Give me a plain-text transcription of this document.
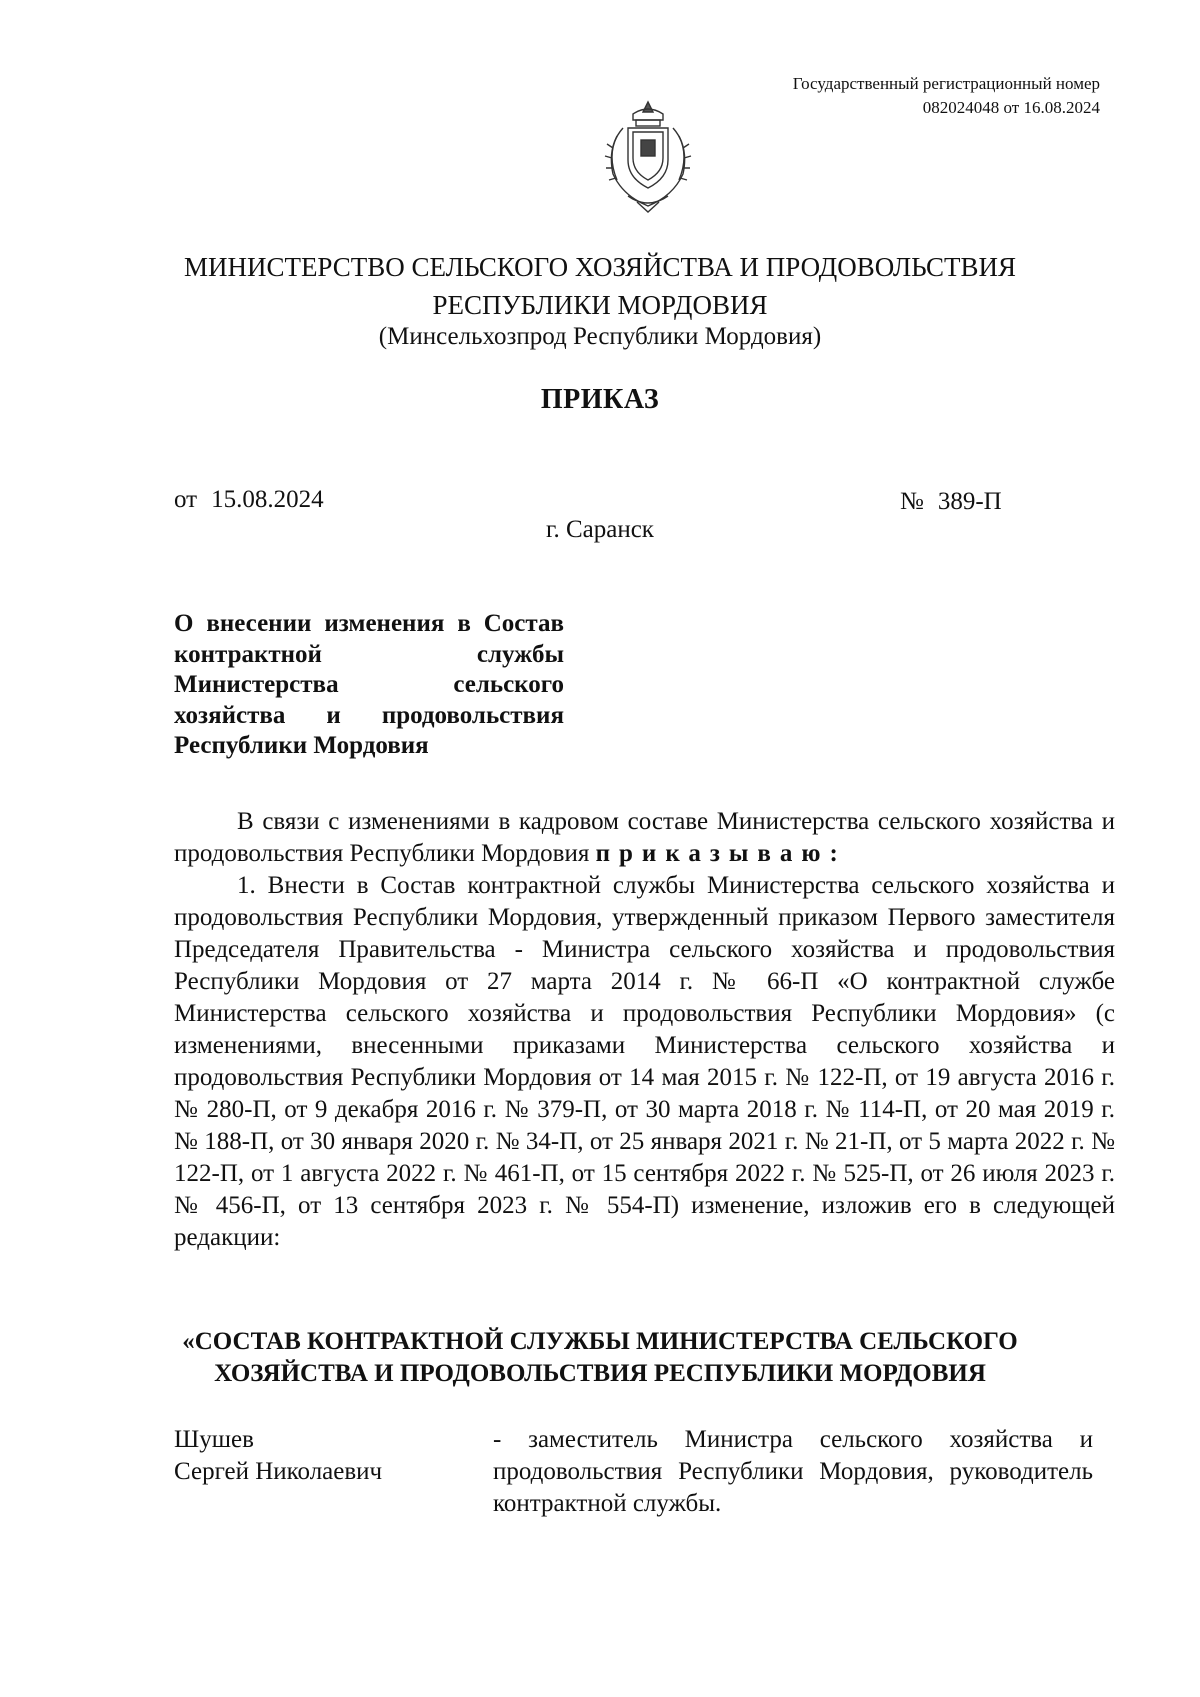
Государственный регистрационный номер
082024048 от 16.08.2024
МИНИСТЕРСТВО СЕЛЬСКОГО ХОЗЯЙСТВА И ПРОДОВОЛЬСТВИЯ
РЕСПУБЛИКИ МОРДОВИЯ
(Минсельхозпрод Республики Мордовия)
ПРИКАЗ
от 15.08.2024	№ 389-П
г. Саранск
О внесении изменения в Состав контрактной службы Министерства сельского хозяйства и продовольствия Республики Мордовия

В связи с изменениями в кадровом составе Министерства сельского хозяйства и продовольствия Республики Мордовия приказываю:

1. Внести в Состав контрактной службы Министерства сельского хозяйства и продовольствия Республики Мордовия, утвержденный приказом Первого заместителя Председателя Правительства - Министра сельского хозяйства и продовольствия Республики Мордовия от 27 марта 2014 г. № 66-П «О контрактной службе Министерства сельского хозяйства и продовольствия Республики Мордовия» (с изменениями, внесенными приказами Министерства сельского хозяйства и продовольствия Республики Мордовия от 14 мая 2015 г. № 122-П, от 19 августа 2016 г. № 280-П, от 9 декабря 2016 г. № 379-П, от 30 марта 2018 г. № 114-П, от 20 мая 2019 г. № 188-П, от 30 января 2020 г. № 34-П, от 25 января 2021 г. № 21-П, от 5 марта 2022 г. № 122-П, от 1 августа 2022 г. № 461-П, от 15 сентября 2022 г. № 525-П, от 26 июля 2023 г. № 456-П, от 13 сентября 2023 г. № 554-П) изменение, изложив его в следующей редакции:

«СОСТАВ КОНТРАКТНОЙ СЛУЖБЫ МИНИСТЕРСТВА СЕЛЬСКОГО
ХОЗЯЙСТВА И ПРОДОВОЛЬСТВИЯ РЕСПУБЛИКИ МОРДОВИЯ
Шушев
Сергей Николаевич
- заместитель Министра сельского хозяйства и продовольствия Республики Мордовия, руководитель контрактной службы.
